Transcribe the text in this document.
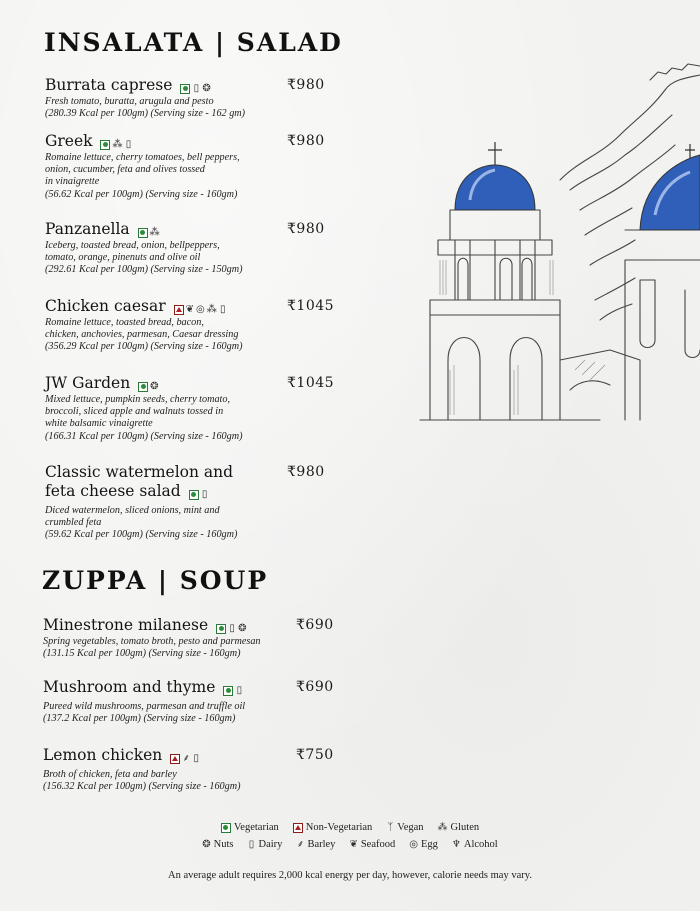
INSALATA | SALAD
Burrata caprese ▯ ❂	₹980
Fresh tomato, buratta, arugula and pesto
(280.39 Kcal per 100gm) (Serving size - 162 gm)
Greek ⁂ ▯	₹980
Romaine lettuce, cherry tomatoes, bell peppers,
onion, cucumber, feta and olives tossed
in vinaigrette
(56.62 Kcal per 100gm) (Serving size - 160gm)
Panzanella ⁂	₹980
Iceberg, toasted bread, onion, bellpeppers,
tomato, orange, pinenuts and olive oil
(292.61 Kcal per 100gm) (Serving size - 150gm)
Chicken caesar ❦ ◎ ⁂ ▯	₹1045
Romaine lettuce, toasted bread, bacon,
chicken, anchovies, parmesan, Caesar dressing
(356.29 Kcal per 100gm) (Serving size - 160gm)
JW Garden ❂	₹1045
Mixed lettuce, pumpkin seeds, cherry tomato,
broccoli, sliced apple and walnuts tossed in
white balsamic vinaigrette
(166.31 Kcal per 100gm) (Serving size - 160gm)
Classic watermelon and
feta cheese salad ▯
₹980
Diced watermelon, sliced onions, mint and
crumbled feta
(59.62 Kcal per 100gm) (Serving size - 160gm)
ZUPPA | SOUP
Minestrone milanese ▯ ❂	₹690
Spring vegetables, tomato broth, pesto and parmesan
(131.15 Kcal per 100gm) (Serving size - 160gm)
Mushroom and thyme ▯	₹690
Pureed wild mushrooms, parmesan and truffle oil
(137.2 Kcal per 100gm) (Serving size - 160gm)
Lemon chicken ⸙ ▯	₹750
Broth of chicken, feta and barley
(156.32 Kcal per 100gm) (Serving size - 160gm)
Vegetarian	Non-Vegetarian ᛉ Vegan ⁂ Gluten
❂ Nuts ▯ Dairy ⸙ Barley ❦ Seafood ◎ Egg ♆ Alcohol
An average adult requires 2,000 kcal energy per day, however, calorie needs may vary.
